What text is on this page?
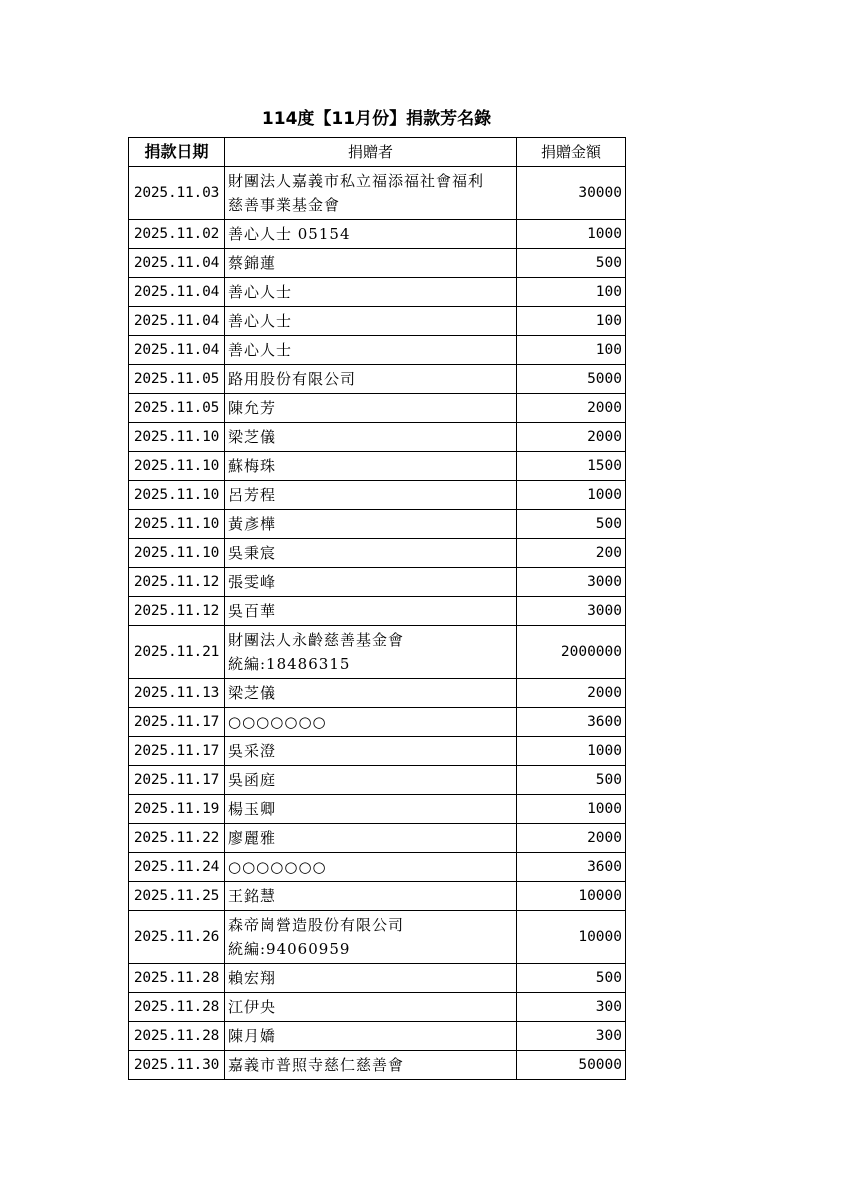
114度【11月份】捐款芳名錄
捐款日期	捐贈者	捐贈金額
2025.11.03	財團法人嘉義市私立福添福社會福利
慈善事業基金會	30000
2025.11.02	善心人士 05154	1000
2025.11.04	蔡錦蓮	500
2025.11.04	善心人士	100
2025.11.04	善心人士	100
2025.11.04	善心人士	100
2025.11.05	路用股份有限公司	5000
2025.11.05	陳允芳	2000
2025.11.10	梁芝儀	2000
2025.11.10	蘇梅珠	1500
2025.11.10	呂芳程	1000
2025.11.10	黃彥樺	500
2025.11.10	吳秉宸	200
2025.11.12	張雯峰	3000
2025.11.12	吳百華	3000
2025.11.21	財團法人永齡慈善基金會
統編:18486315	2000000
2025.11.13	梁芝儀	2000
2025.11.17	○○○○○○○	3600
2025.11.17	吳采澄	1000
2025.11.17	吳函庭	500
2025.11.19	楊玉卿	1000
2025.11.22	廖麗雅	2000
2025.11.24	○○○○○○○	3600
2025.11.25	王銘慧	10000
2025.11.26	森帝崗營造股份有限公司
統編:94060959	10000
2025.11.28	賴宏翔	500
2025.11.28	江伊央	300
2025.11.28	陳月嬌	300
2025.11.30	嘉義市普照寺慈仁慈善會	50000
